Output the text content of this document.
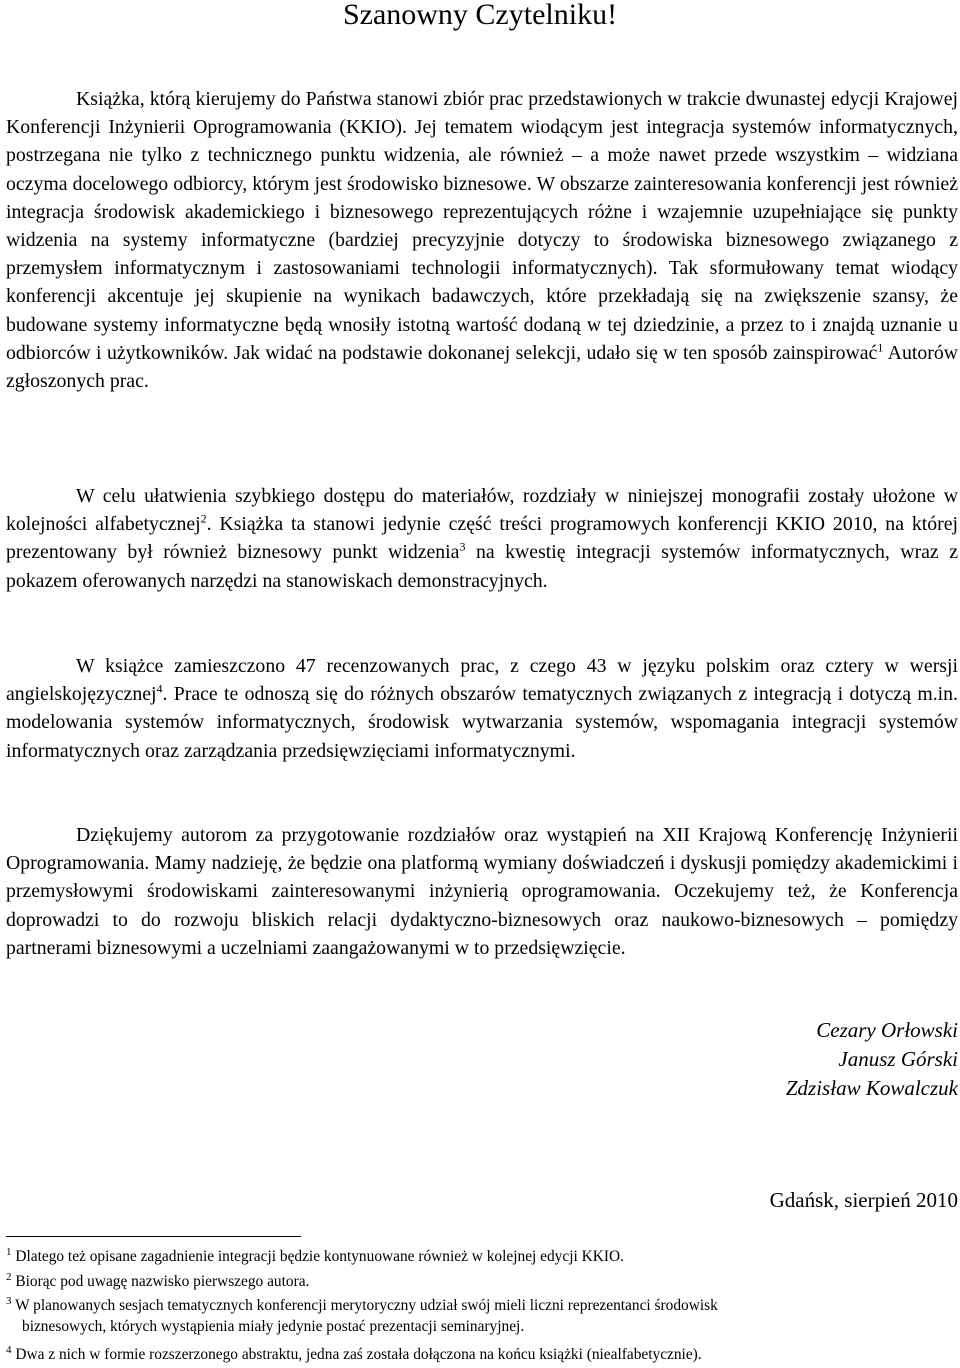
Szanowny Czytelniku!

Książka, którą kierujemy do Państwa stanowi zbiór prac przedstawionych w trakcie dwunastej edycji Krajowej Konferencji Inżynierii Oprogramowania (KKIO). Jej tematem wiodącym jest integracja systemów informatycznych, postrzegana nie tylko z technicznego punktu widzenia, ale również – a może nawet przede wszystkim – widziana oczyma docelowego odbiorcy, którym jest środowisko biznesowe. W obszarze zainteresowania konferencji jest również integracja środowisk akademickiego i biznesowego reprezentujących różne i wzajemnie uzupełniające się punkty widzenia na systemy informatyczne (bardziej precyzyjnie dotyczy to środowiska biznesowego związanego z przemysłem informatycznym i zastosowaniami technologii informatycznych). Tak sformułowany temat wiodący konferencji akcentuje jej skupienie na wynikach badawczych, które przekładają się na zwiększenie szansy, że budowane systemy informatyczne będą wnosiły istotną wartość dodaną w tej dziedzinie, a przez to i znajdą uznanie u odbiorców i użytkowników. Jak widać na podstawie dokonanej selekcji, udało się w ten sposób zainspirować$^1$ Autorów zgłoszonych prac.

W celu ułatwienia szybkiego dostępu do materiałów, rozdziały w niniejszej monografii zostały ułożone w kolejności alfabetycznej$^2$. Książka ta stanowi jedynie część treści programowych konferencji KKIO 2010, na której prezentowany był również biznesowy punkt widzenia$^3$ na kwestię integracji systemów informatycznych, wraz z pokazem oferowanych narzędzi na stanowiskach demonstracyjnych.

W książce zamieszczono 47 recenzowanych prac, z czego 43 w języku polskim oraz cztery w wersji angielskojęzycznej$^4$. Prace te odnoszą się do różnych obszarów tematycznych związanych z integracją i dotyczą m.in. modelowania systemów informatycznych, środowisk wytwarzania systemów, wspomagania integracji systemów informatycznych oraz zarządzania przedsięwzięciami informatycznymi.

Dziękujemy autorom za przygotowanie rozdziałów oraz wystąpień na XII Krajową Konferencję Inżynierii Oprogramowania. Mamy nadzieję, że będzie ona platformą wymiany doświadczeń i dyskusji pomiędzy akademickimi i przemysłowymi środowiskami zainteresowanymi inżynierią oprogramowania. Oczekujemy też, że Konferencja doprowadzi to do rozwoju bliskich relacji dydaktyczno-biznesowych oraz naukowo-biznesowych – pomiędzy partnerami biznesowymi a uczelniami zaangażowanymi w to przedsięwzięcie.

Cezary Orłowski
Janusz Górski
Zdzisław Kowalczuk
Gdańsk, sierpień 2010
$^1$ Dlatego też opisane zagadnienie integracji będzie kontynuowane również w kolejnej edycji KKIO.
$^2$ Biorąc pod uwagę nazwisko pierwszego autora.
$^3$ W planowanych sesjach tematycznych konferencji merytoryczny udział swój mieli liczni reprezentanci środowisk
biznesowych, których wystąpienia miały jedynie postać prezentacji seminaryjnej.
$^4$ Dwa z nich w formie rozszerzonego abstraktu, jedna zaś została dołączona na końcu książki (niealfabetycznie).
